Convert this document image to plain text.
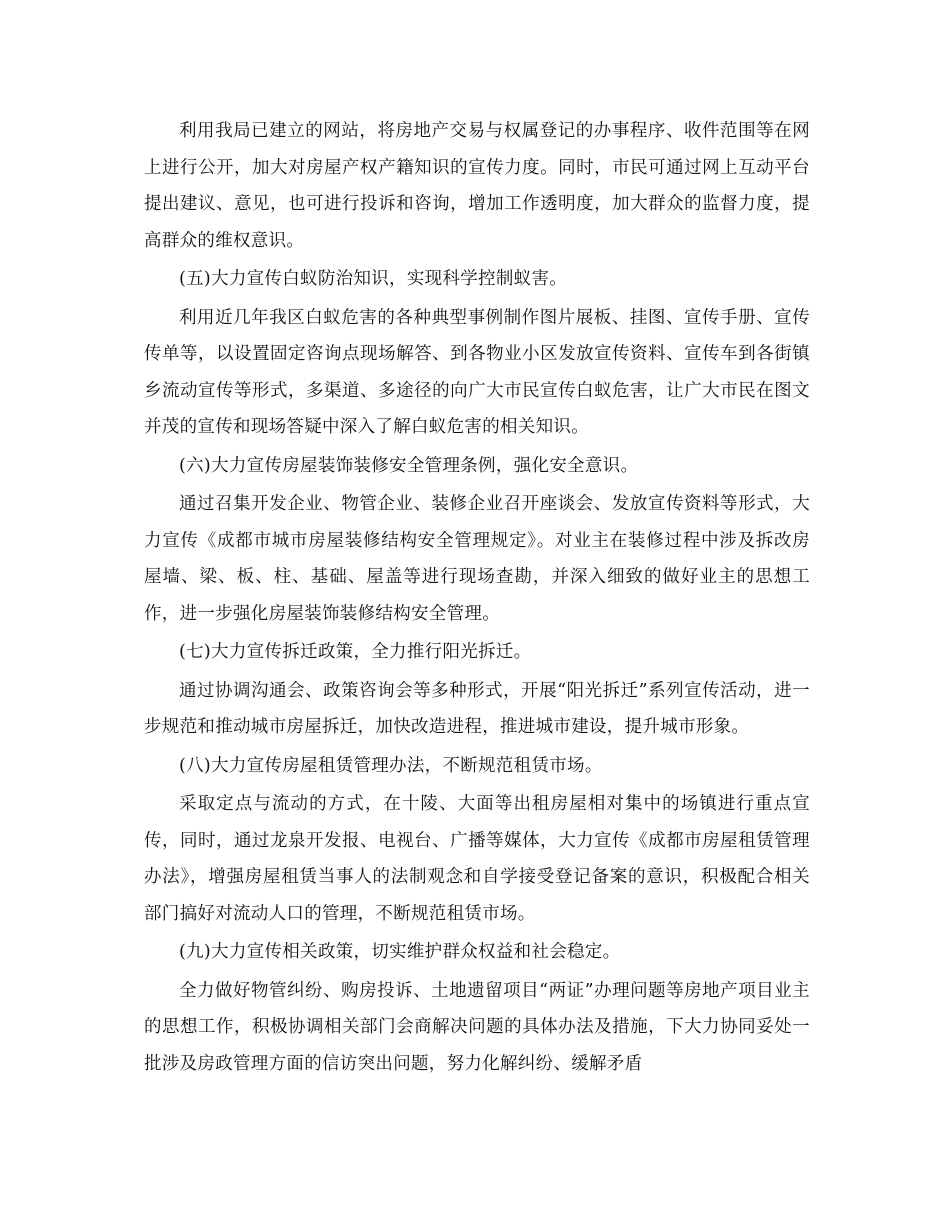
利用我局已建立的网站，将房地产交易与权属登记的办事程序、收件范围等在网上进行公开，加大对房屋产权产籍知识的宣传力度。同时，市民可通过网上互动平台提出建议、意见，也可进行投诉和咨询，增加工作透明度，加大群众的监督力度，提高群众的维权意识。

(五)大力宣传白蚁防治知识，实现科学控制蚁害。

利用近几年我区白蚁危害的各种典型事例制作图片展板、挂图、宣传手册、宣传传单等，以设置固定咨询点现场解答、到各物业小区发放宣传资料、宣传车到各街镇乡流动宣传等形式，多渠道、多途径的向广大市民宣传白蚁危害，让广大市民在图文并茂的宣传和现场答疑中深入了解白蚁危害的相关知识。

(六)大力宣传房屋装饰装修安全管理条例，强化安全意识。

通过召集开发企业、物管企业、装修企业召开座谈会、发放宣传资料等形式，大力宣传《成都市城市房屋装修结构安全管理规定》。对业主在装修过程中涉及拆改房屋墙、梁、板、柱、基础、屋盖等进行现场查勘，并深入细致的做好业主的思想工作，进一步强化房屋装饰装修结构安全管理。

(七)大力宣传拆迁政策，全力推行阳光拆迁。

通过协调沟通会、政策咨询会等多种形式，开展“阳光拆迁”系列宣传活动，进一步规范和推动城市房屋拆迁，加快改造进程，推进城市建设，提升城市形象。

(八)大力宣传房屋租赁管理办法，不断规范租赁市场。

采取定点与流动的方式，在十陵、大面等出租房屋相对集中的场镇进行重点宣传，同时，通过龙泉开发报、电视台、广播等媒体，大力宣传《成都市房屋租赁管理办法》，增强房屋租赁当事人的法制观念和自学接受登记备案的意识，积极配合相关部门搞好对流动人口的管理，不断规范租赁市场。

(九)大力宣传相关政策，切实维护群众权益和社会稳定。

全力做好物管纠纷、购房投诉、土地遗留项目“两证”办理问题等房地产项目业主的思想工作，积极协调相关部门会商解决问题的具体办法及措施，下大力协同妥处一批涉及房政管理方面的信访突出问题，努力化解纠纷、缓解矛盾
